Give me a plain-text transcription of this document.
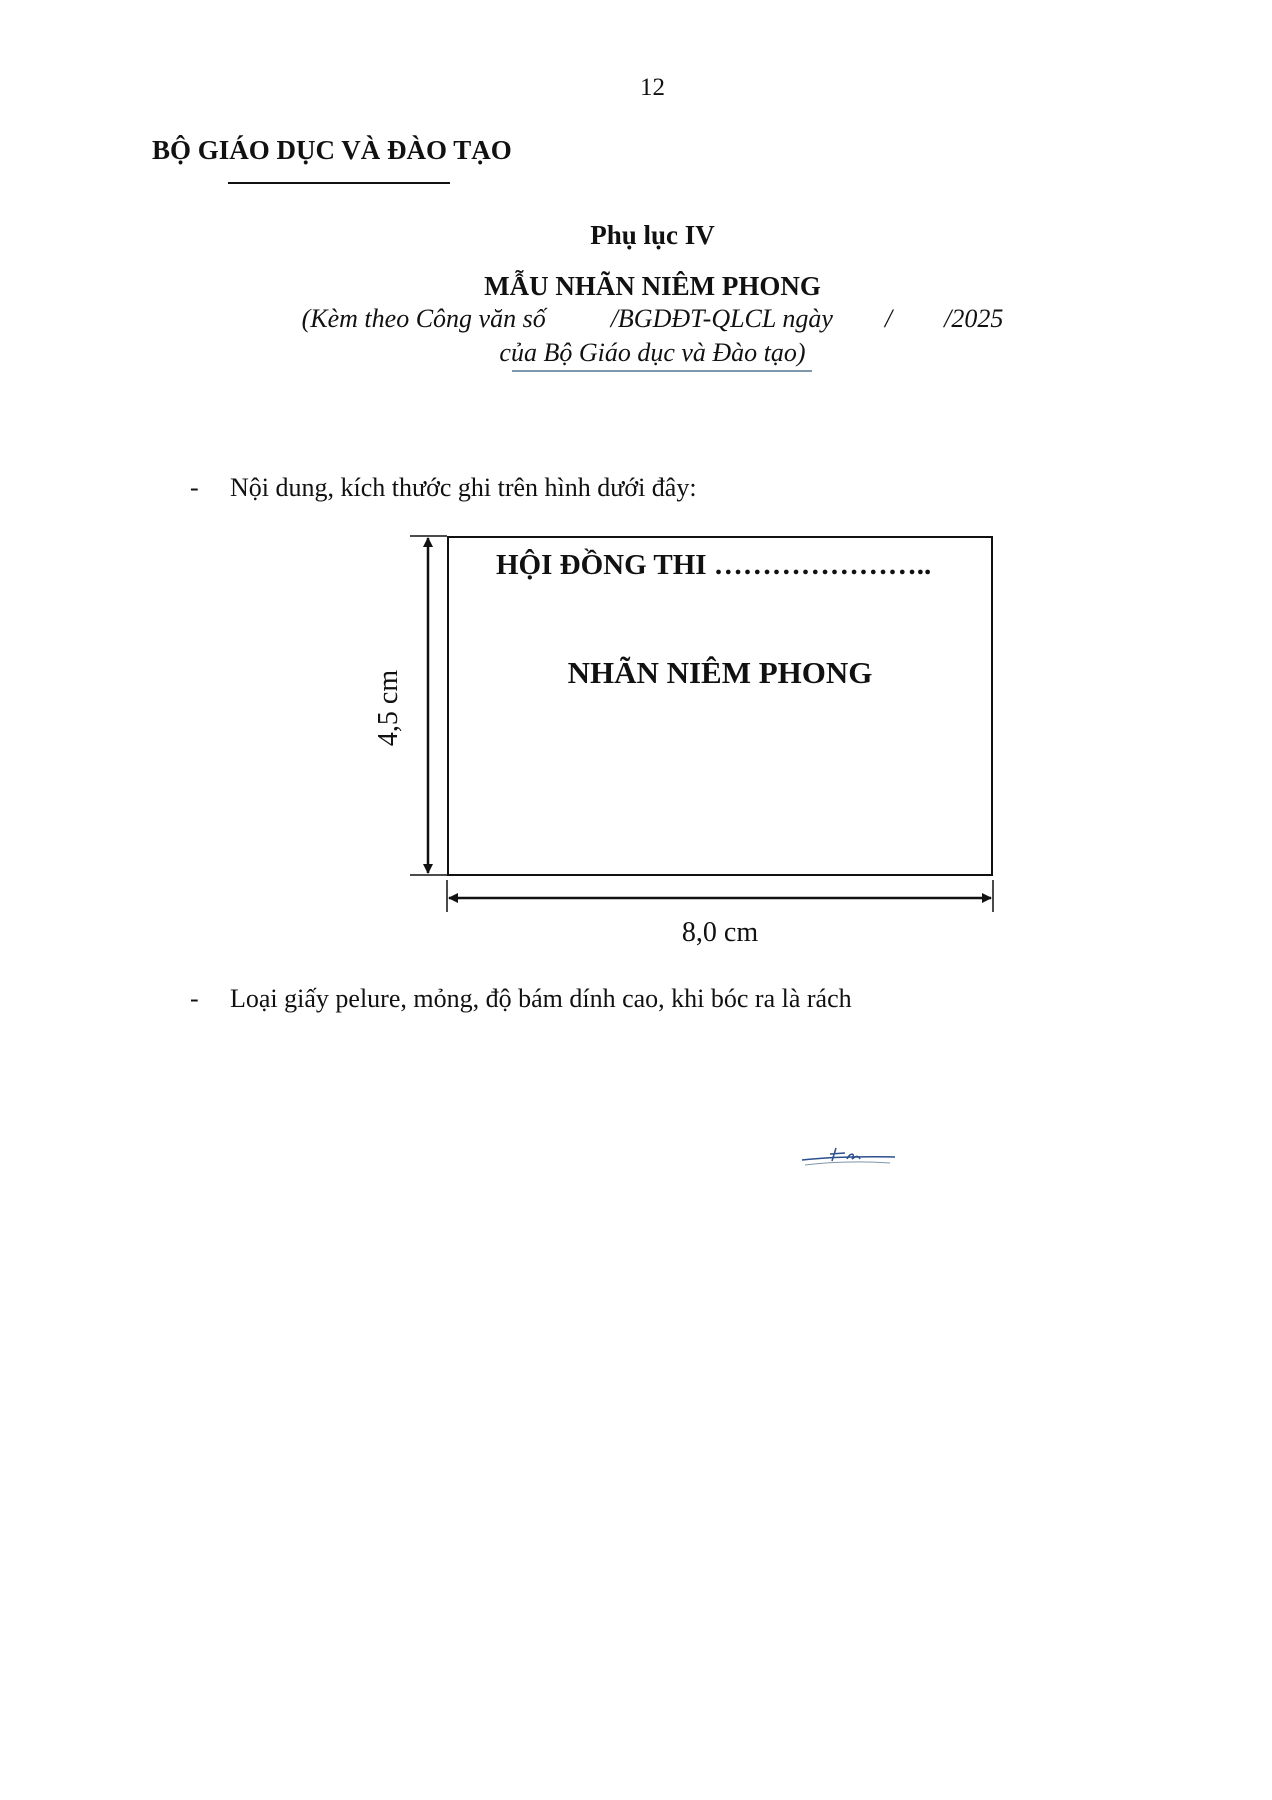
12
BỘ GIÁO DỤC VÀ ĐÀO TẠO
Phụ lục IV
MẪU NHÃN NIÊM PHONG
(Kèm theo Công văn số          /BGDĐT-QLCL ngày        /        /2025
của Bộ Giáo dục và Đào tạo)
- Nội dung, kích thước ghi trên hình dưới đây:
HỘI ĐỒNG THI …………………..
NHÃN NIÊM PHONG
4,5 cm
8,0 cm
- Loại giấy pelure, mỏng, độ bám dính cao, khi bóc ra là rách
